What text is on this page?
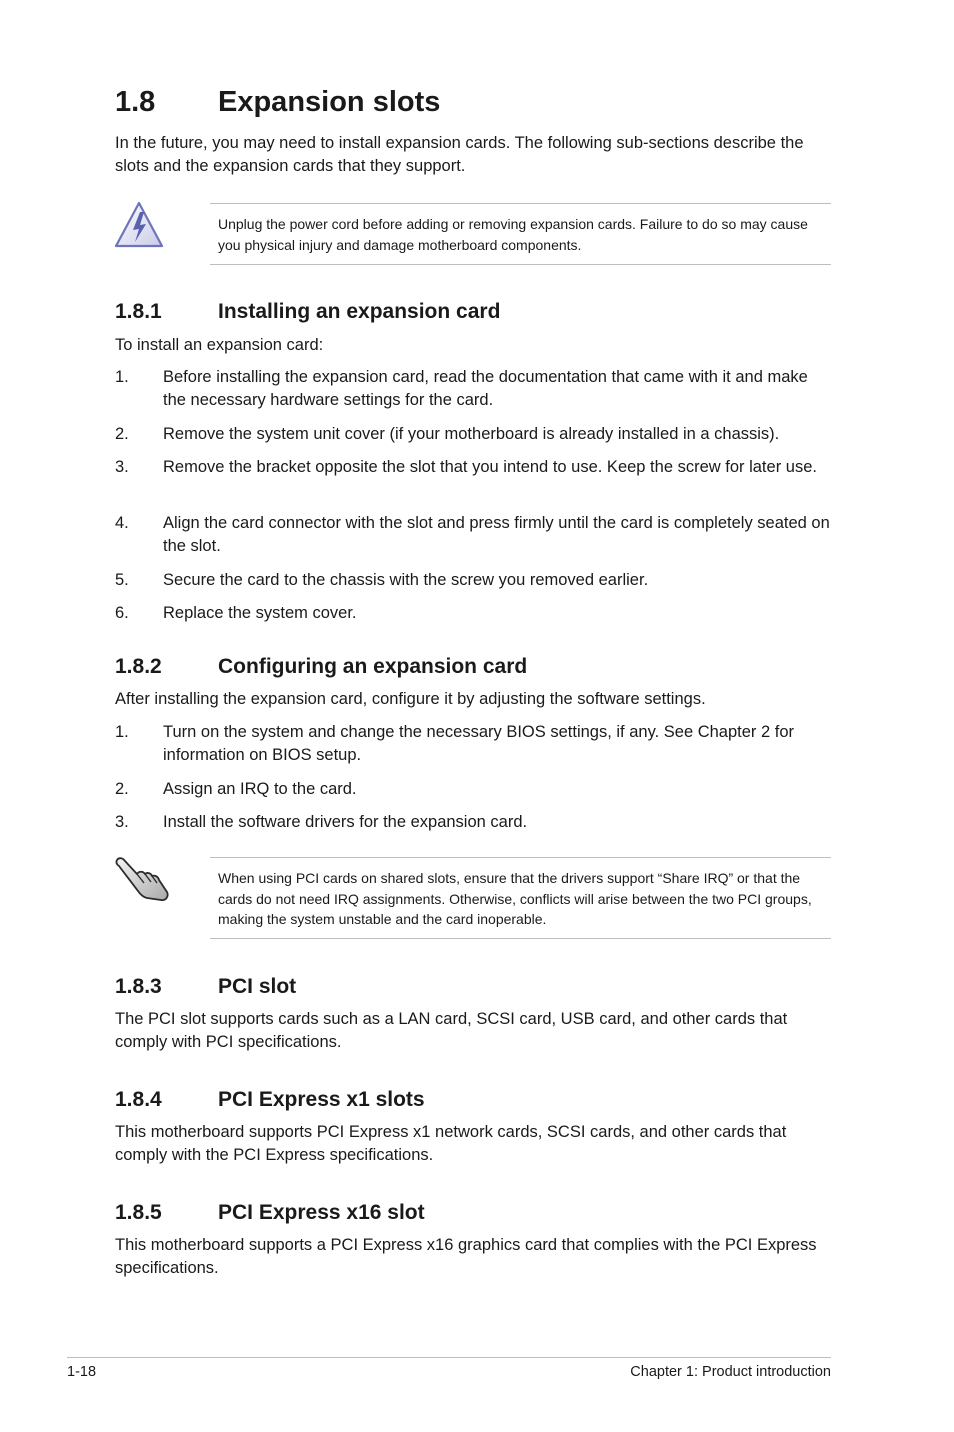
1.8 Expansion slots
In the future, you may need to install expansion cards. The following sub-sections describe the slots and the expansion cards that they support.
Unplug the power cord before adding or removing expansion cards. Failure to do so may cause you physical injury and damage motherboard components.
1.8.1	Installing an expansion card
To install an expansion card:
1. Before installing the expansion card, read the documentation that came with it and make the necessary hardware settings for the card.
2. Remove the system unit cover (if your motherboard is already installed in a chassis).
3. Remove the bracket opposite the slot that you intend to use. Keep the screw for later use.
4. Align the card connector with the slot and press firmly until the card is completely seated on the slot.
5. Secure the card to the chassis with the screw you removed earlier.
6. Replace the system cover.
1.8.2	Configuring an expansion card
After installing the expansion card, configure it by adjusting the software settings.
1. Turn on the system and change the necessary BIOS settings, if any. See Chapter 2 for information on BIOS setup.
2. Assign an IRQ to the card.
3. Install the software drivers for the expansion card.
When using PCI cards on shared slots, ensure that the drivers support “Share IRQ” or that the cards do not need IRQ assignments. Otherwise, conflicts will arise between the two PCI groups, making the system unstable and the card inoperable.
1.8.3	PCI slot
The PCI slot supports cards such as a LAN card, SCSI card, USB card, and other cards that comply with PCI specifications.
1.8.4	PCI Express x1 slots
This motherboard supports PCI Express x1 network cards, SCSI cards, and other cards that comply with the PCI Express specifications.
1.8.5	PCI Express x16 slot
This motherboard supports a PCI Express x16 graphics card that complies with the PCI Express specifications.
1-18	Chapter 1: Product introduction
